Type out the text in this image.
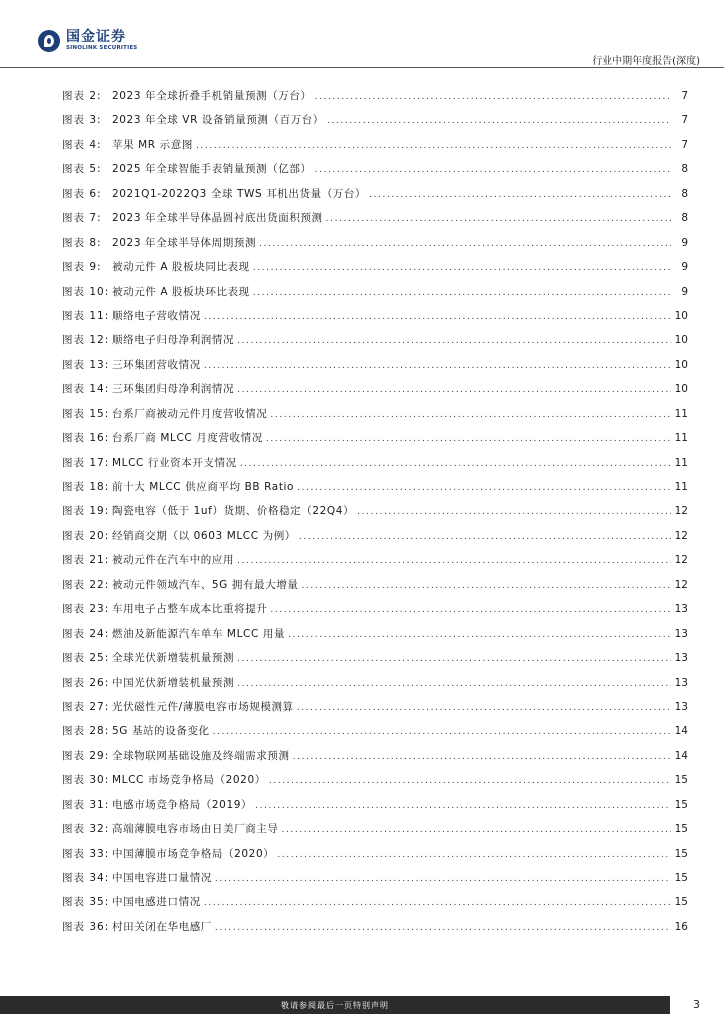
国金证券
SINOLINK SECURITIES
行业中期年度报告(深度)
图表 2: 2023 年全球折叠手机销量预测（万台） .....	7
图表 3: 2023 年全球 VR 设备销量预测（百万台） .....	7
图表 4: 苹果 MR 示意图 .....	7
图表 5: 2025 年全球智能手表销量预测（亿部） .....	8
图表 6: 2021Q1-2022Q3 全球 TWS 耳机出货量（万台） .....	8
图表 7: 2023 年全球半导体晶圆衬底出货面积预测 .....	8
图表 8: 2023 年全球半导体周期预测 .....	9
图表 9: 被动元件 A 股板块同比表现 .....	9
图表 10: 被动元件 A 股板块环比表现 .....	9
图表 11: 顺络电子营收情况 .....	10
图表 12: 顺络电子归母净利润情况 .....	10
图表 13: 三环集团营收情况 .....	10
图表 14: 三环集团归母净利润情况 .....	10
图表 15: 台系厂商被动元件月度营收情况 .....	11
图表 16: 台系厂商 MLCC 月度营收情况 .....	11
图表 17: MLCC 行业资本开支情况 .....	11
图表 18: 前十大 MLCC 供应商平均 BB Ratio .....	11
图表 19: 陶瓷电容（低于 1uf）货期、价格稳定（22Q4） .....	12
图表 20: 经销商交期（以 0603 MLCC 为例） .....	12
图表 21: 被动元件在汽车中的应用 .....	12
图表 22: 被动元件领域汽车、5G 拥有最大增量 .....	12
图表 23: 车用电子占整车成本比重将提升 .....	13
图表 24: 燃油及新能源汽车单车 MLCC 用量 .....	13
图表 25: 全球光伏新增装机量预测 .....	13
图表 26: 中国光伏新增装机量预测 .....	13
图表 27: 光伏磁性元件/薄膜电容市场规模测算 .....	13
图表 28: 5G 基站的设备变化 .....	14
图表 29: 全球物联网基础设施及终端需求预测 .....	14
图表 30: MLCC 市场竞争格局（2020） .....	15
图表 31: 电感市场竞争格局（2019） .....	15
图表 32: 高端薄膜电容市场由日美厂商主导 .....	15
图表 33: 中国薄膜市场竞争格局（2020） .....	15
图表 34: 中国电容进口量情况 .....	15
图表 35: 中国电感进口情况 .....	15
图表 36: 村田关闭在华电感厂 .....	16
敬请参阅最后一页特别声明	3
